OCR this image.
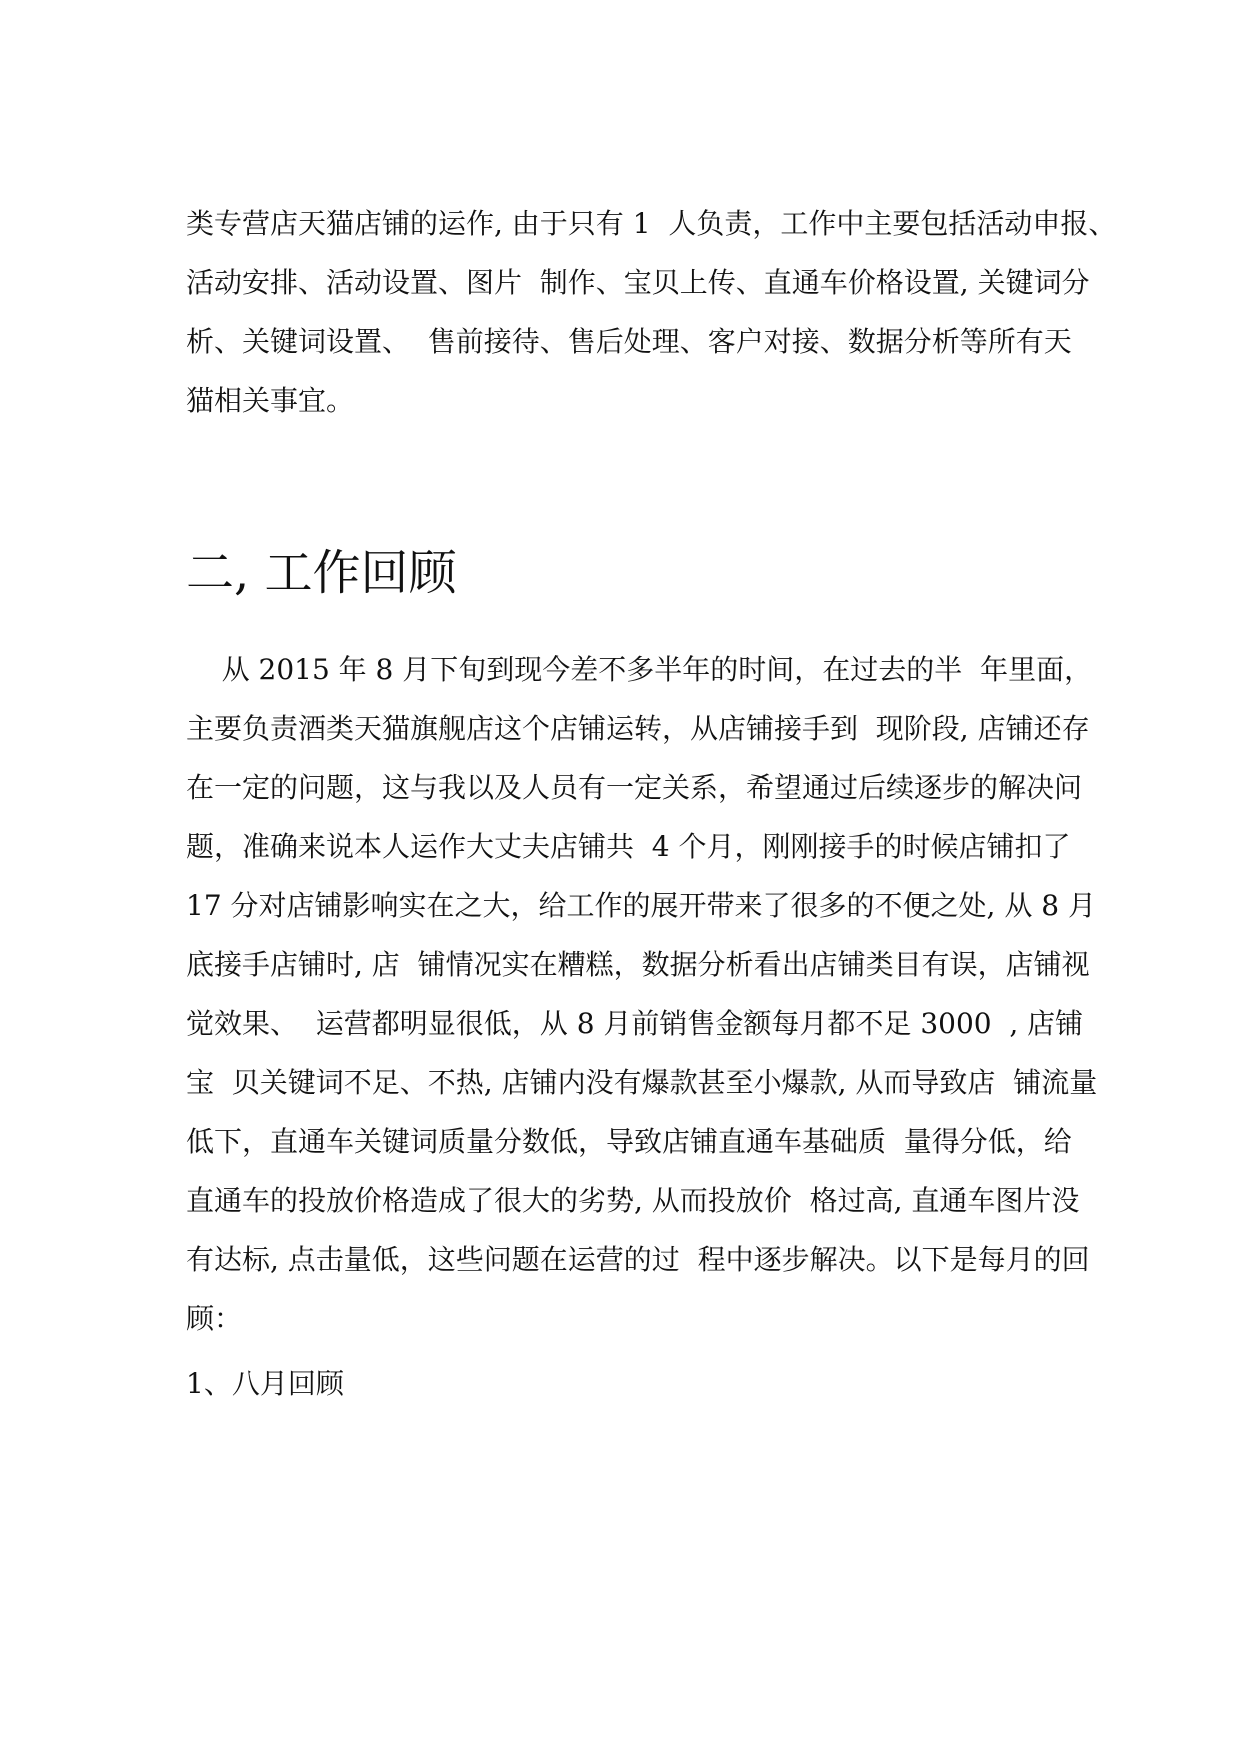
类专营店天猫店铺的运作, 由于只有 1  人负责，工作中主要包括活动申报、
活动安排、活动设置、图片  制作、宝贝上传、直通车价格设置, 关键词分
析、关键词设置、  售前接待、售后处理、客户对接、数据分析等所有天
猫相关事宜。
二, 工作回顾
从 2015 年 8 月下旬到现今差不多半年的时间，在过去的半  年里面，
主要负责酒类天猫旗舰店这个店铺运转，从店铺接手到  现阶段, 店铺还存
在一定的问题，这与我以及人员有一定关系，希望通过后续逐步的解决问
题，准确来说本人运作大丈夫店铺共  4 个月，刚刚接手的时候店铺扣了
17 分对店铺影响实在之大，给工作的展开带来了很多的不便之处, 从 8 月
底接手店铺时, 店  铺情况实在糟糕，数据分析看出店铺类目有误，店铺视
觉效果、  运营都明显很低，从 8 月前销售金额每月都不足 3000  , 店铺
宝  贝关键词不足、不热, 店铺内没有爆款甚至小爆款, 从而导致店  铺流量
低下，直通车关键词质量分数低，导致店铺直通车基础质  量得分低，给
直通车的投放价格造成了很大的劣势, 从而投放价  格过高, 直通车图片没
有达标, 点击量低，这些问题在运营的过  程中逐步解决。以下是每月的回
顾：
1、八月回顾
